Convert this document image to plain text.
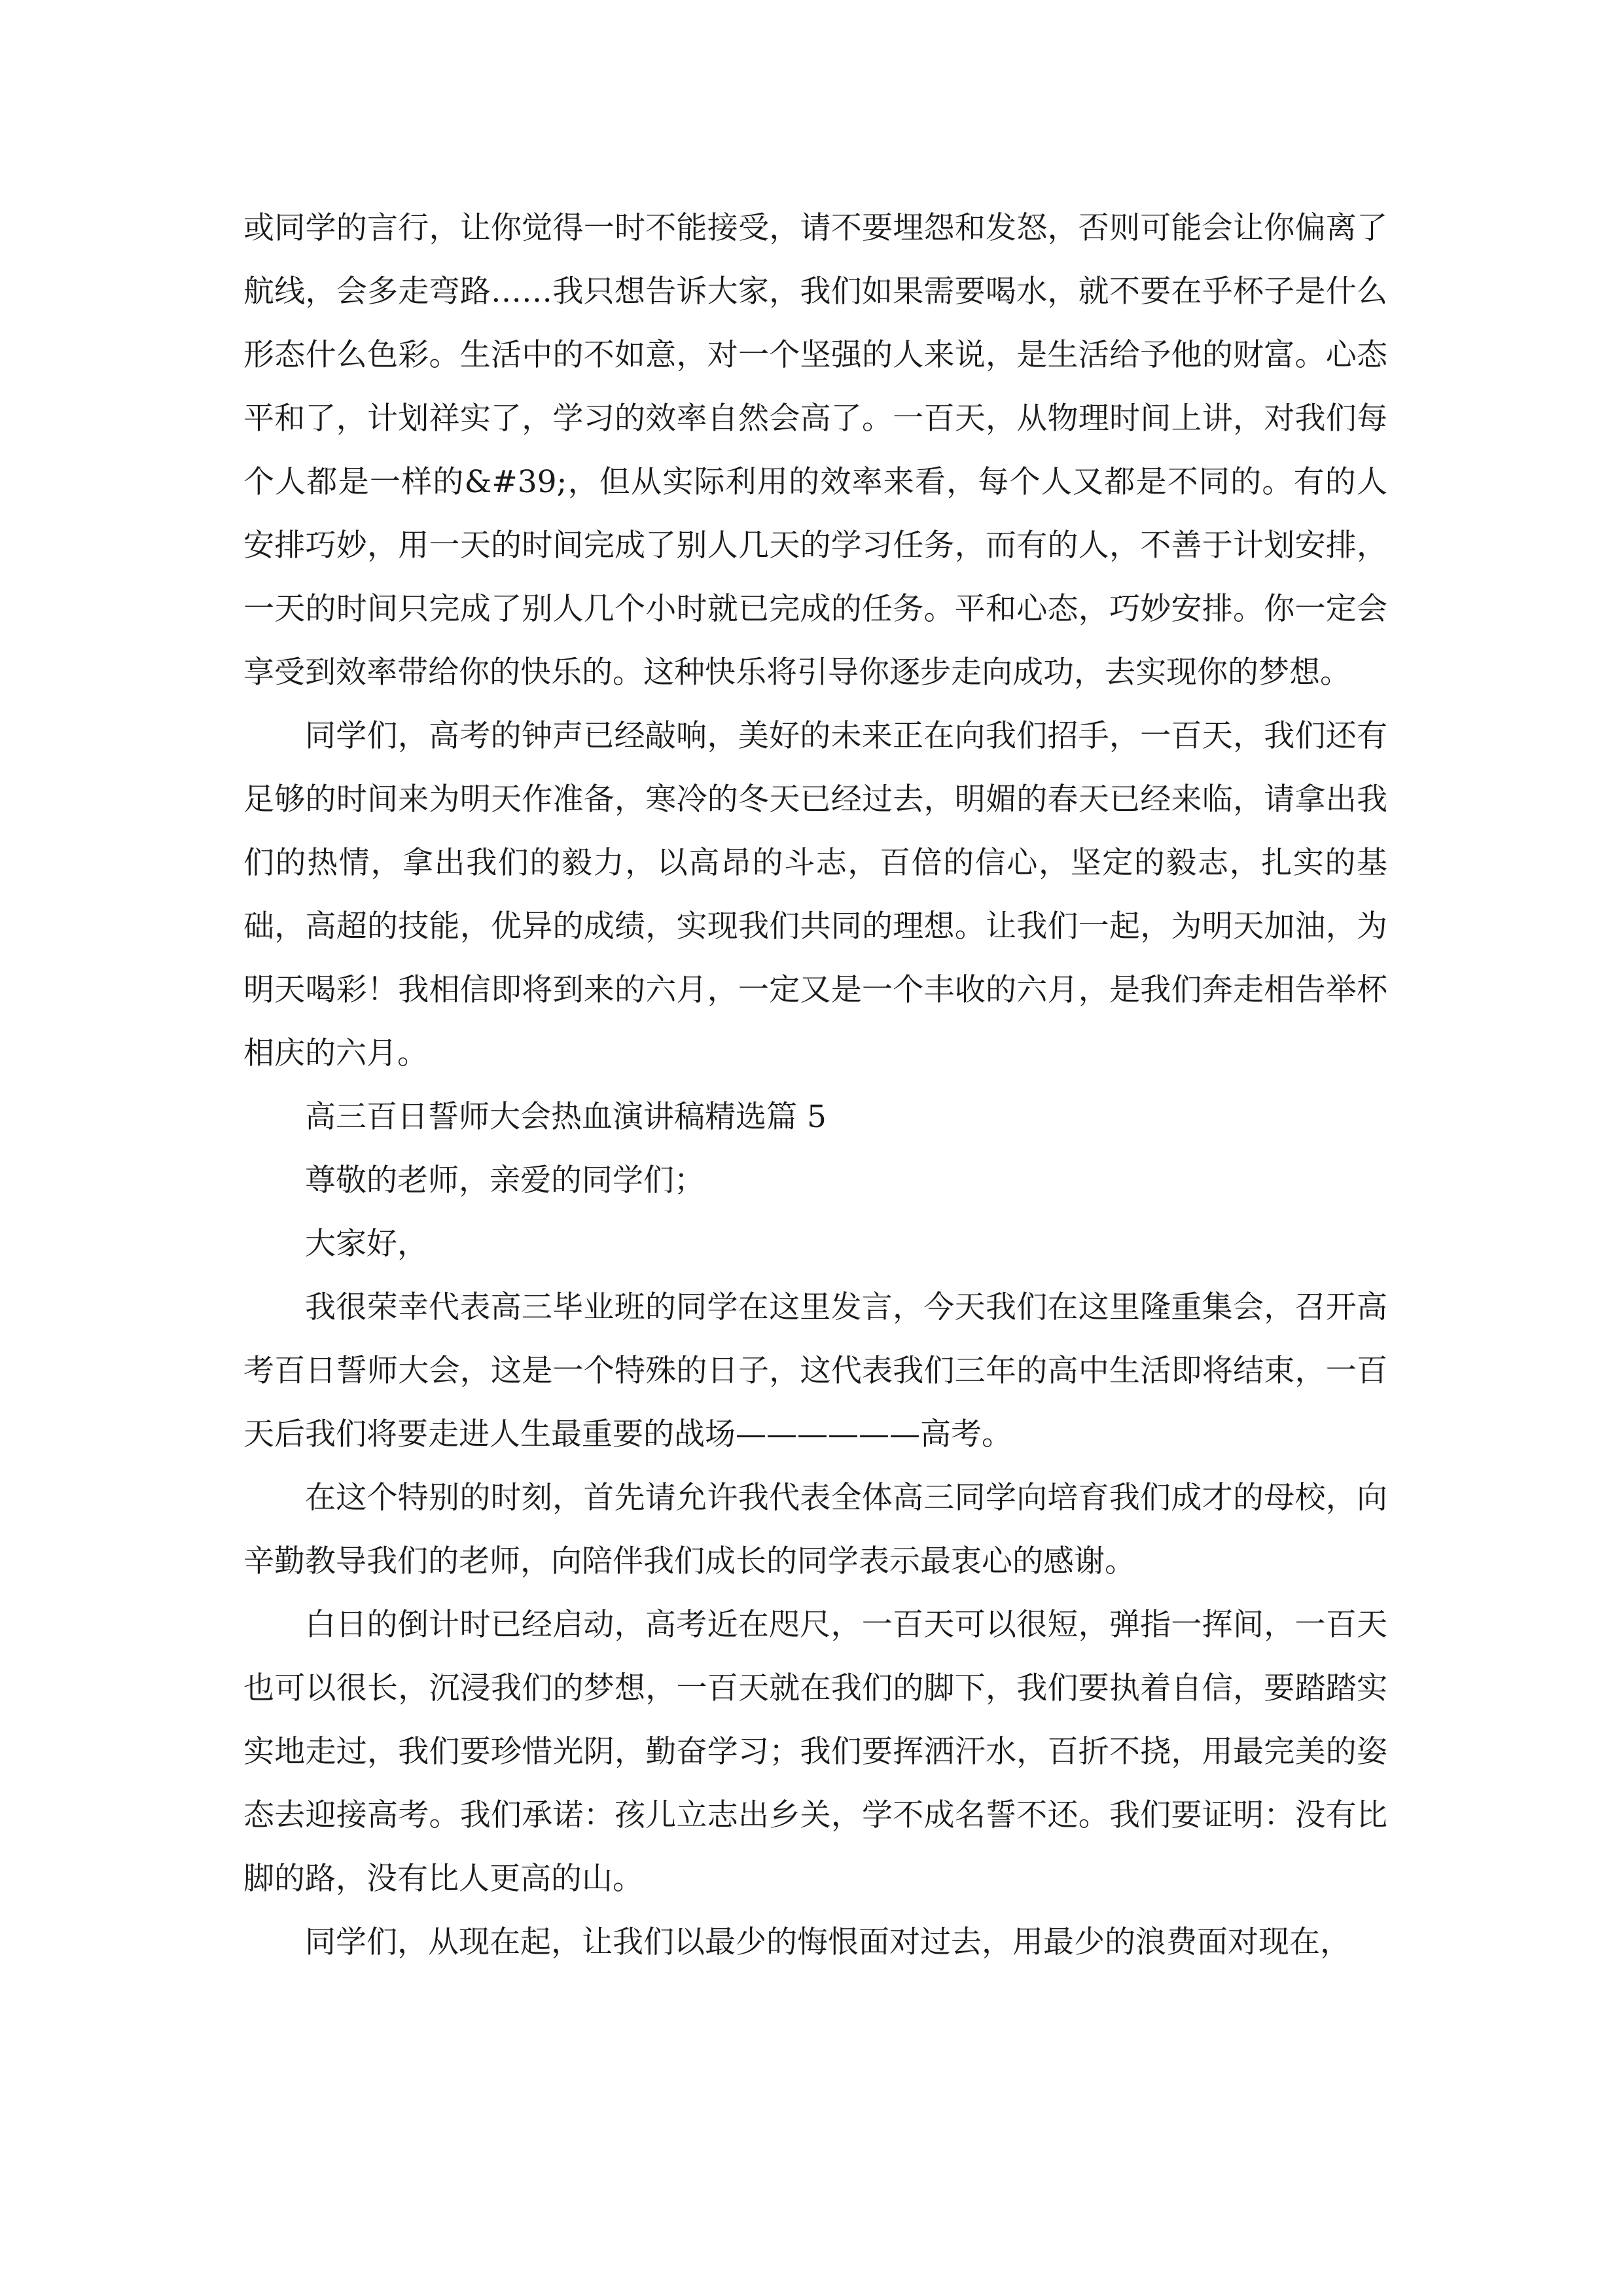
或同学的言行，让你觉得一时不能接受，请不要埋怨和发怒，否则可能会让你偏离了航线，会多走弯路……我只想告诉大家，我们如果需要喝水，就不要在乎杯子是什么形态什么色彩。生活中的不如意，对一个坚强的人来说，是生活给予他的财富。心态平和了，计划祥实了，学习的效率自然会高了。一百天，从物理时间上讲，对我们每个人都是一样的&#39;，但从实际利用的效率来看，每个人又都是不同的。有的人安排巧妙，用一天的时间完成了别人几天的学习任务，而有的人，不善于计划安排，一天的时间只完成了别人几个小时就已完成的任务。平和心态，巧妙安排。你一定会享受到效率带给你的快乐的。这种快乐将引导你逐步走向成功，去实现你的梦想。

同学们，高考的钟声已经敲响，美好的未来正在向我们招手，一百天，我们还有足够的时间来为明天作准备，寒冷的冬天已经过去，明媚的春天已经来临，请拿出我们的热情，拿出我们的毅力，以高昂的斗志，百倍的信心，坚定的毅志，扎实的基础，高超的技能，优异的成绩，实现我们共同的理想。让我们一起，为明天加油，为明天喝彩！我相信即将到来的六月，一定又是一个丰收的六月，是我们奔走相告举杯相庆的六月。

高三百日誓师大会热血演讲稿精选篇 5

尊敬的老师，亲爱的同学们；

大家好，

我很荣幸代表高三毕业班的同学在这里发言，今天我们在这里隆重集会，召开高考百日誓师大会，这是一个特殊的日子，这代表我们三年的高中生活即将结束，一百天后我们将要走进人生最重要的战场——————高考。

在这个特别的时刻，首先请允许我代表全体高三同学向培育我们成才的母校，向辛勤教导我们的老师，向陪伴我们成长的同学表示最衷心的感谢。

白日的倒计时已经启动，高考近在咫尺，一百天可以很短，弹指一挥间，一百天也可以很长，沉浸我们的梦想，一百天就在我们的脚下，我们要执着自信，要踏踏实实地走过，我们要珍惜光阴，勤奋学习；我们要挥洒汗水，百折不挠，用最完美的姿态去迎接高考。我们承诺：孩儿立志出乡关，学不成名誓不还。我们要证明：没有比脚的路，没有比人更高的山。

同学们，从现在起，让我们以最少的悔恨面对过去，用最少的浪费面对现在，
